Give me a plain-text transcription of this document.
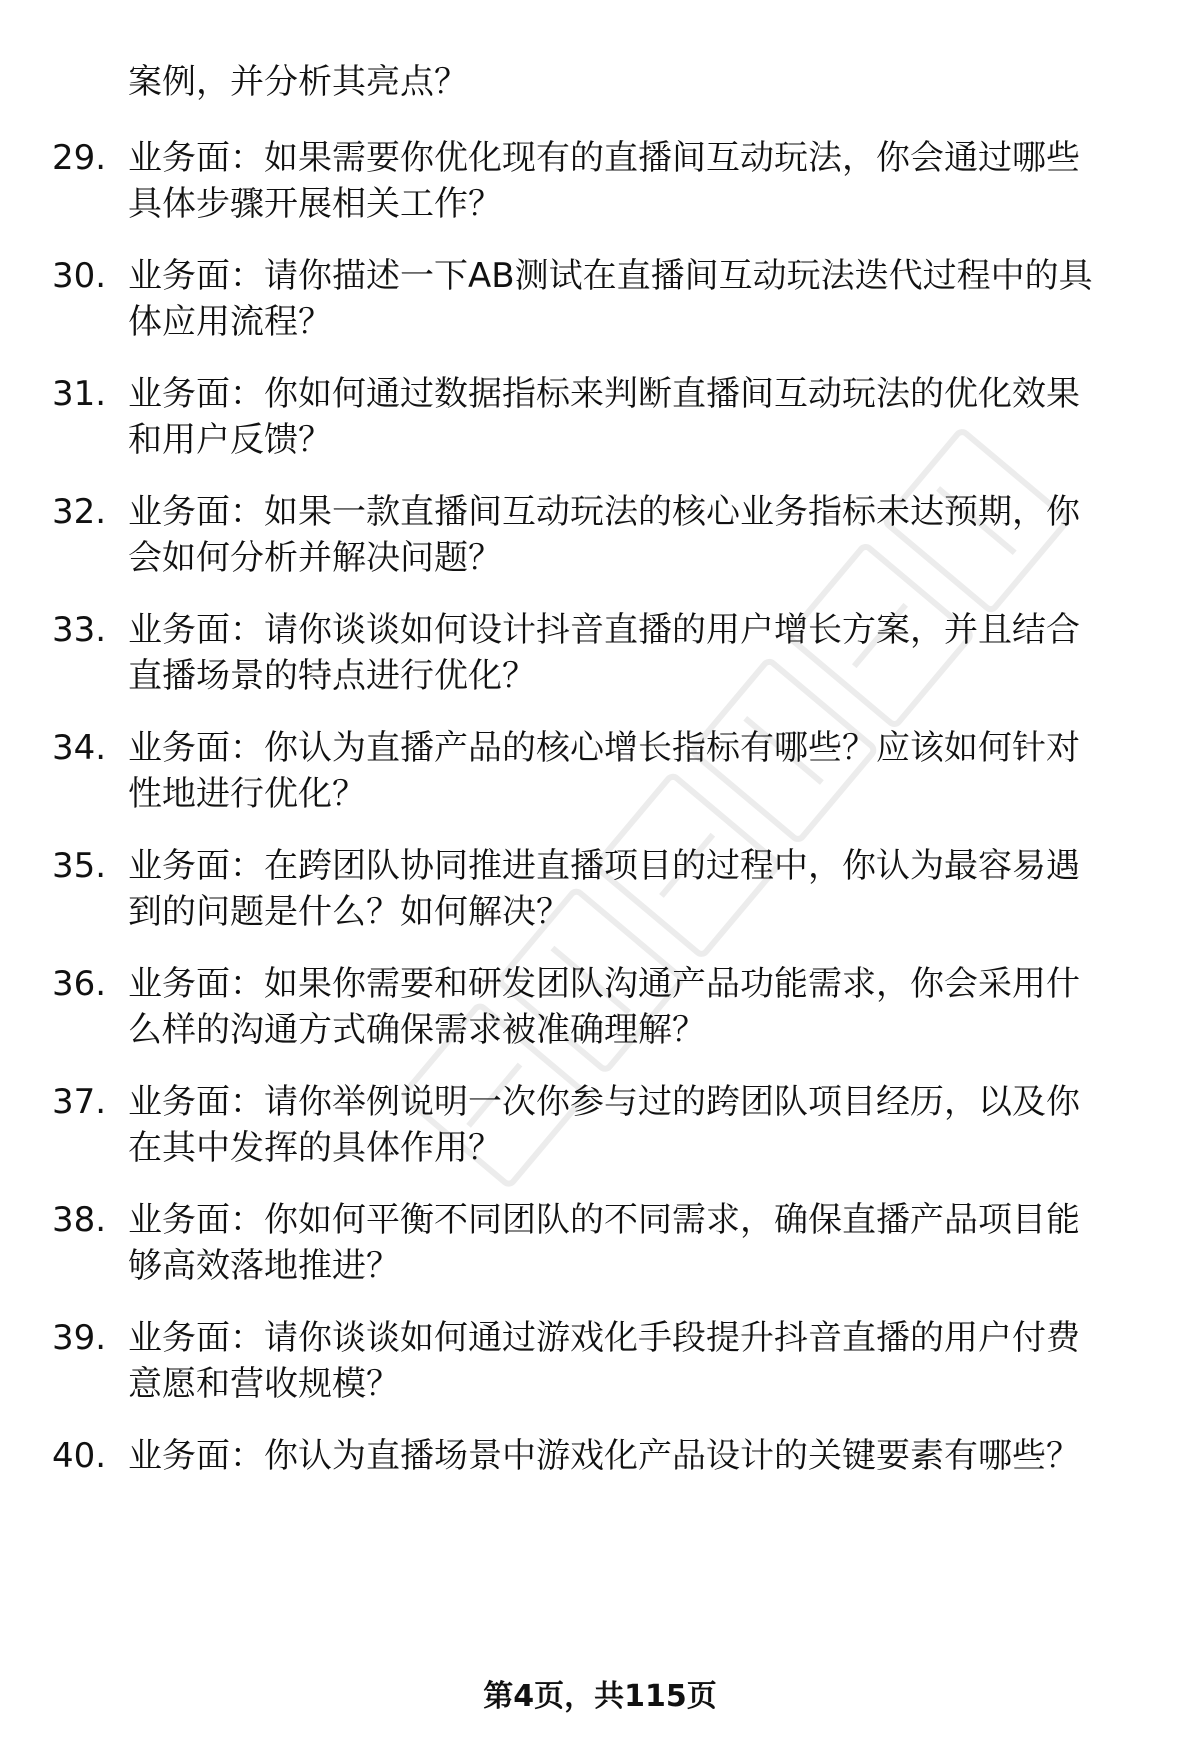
案例，并分析其亮点？
29. 业务面：如果需要你优化现有的直播间互动玩法，你会通过哪些
具体步骤开展相关工作？
30. 业务面：请你描述一下AB测试在直播间互动玩法迭代过程中的具
体应用流程？
31. 业务面：你如何通过数据指标来判断直播间互动玩法的优化效果
和用户反馈？
32. 业务面：如果一款直播间互动玩法的核心业务指标未达预期，你
会如何分析并解决问题？
33. 业务面：请你谈谈如何设计抖音直播的用户增长方案，并且结合
直播场景的特点进行优化？
34. 业务面：你认为直播产品的核心增长指标有哪些？应该如何针对
性地进行优化？
35. 业务面：在跨团队协同推进直播项目的过程中，你认为最容易遇
到的问题是什么？如何解决？
36. 业务面：如果你需要和研发团队沟通产品功能需求，你会采用什
么样的沟通方式确保需求被准确理解？
37. 业务面：请你举例说明一次你参与过的跨团队项目经历，以及你
在其中发挥的具体作用？
38. 业务面：你如何平衡不同团队的不同需求，确保直播产品项目能
够高效落地推进？
39. 业务面：请你谈谈如何通过游戏化手段提升抖音直播的用户付费
意愿和营收规模？
40. 业务面：你认为直播场景中游戏化产品设计的关键要素有哪些？
第4页，共115页
